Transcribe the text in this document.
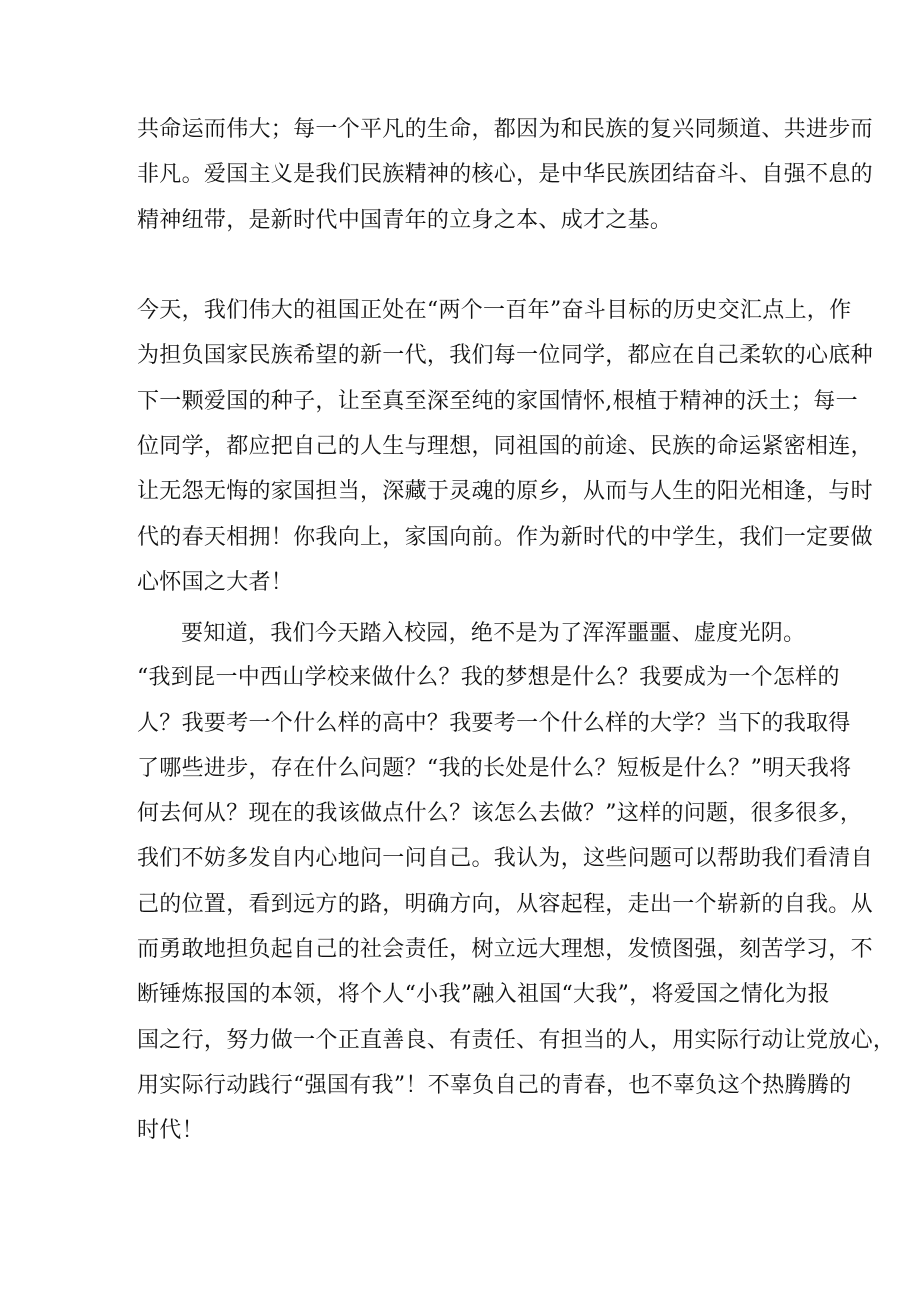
共命运而伟大；每一个平凡的生命，都因为和民族的复兴同频道、共进步而
非凡。爱国主义是我们民族精神的核心，是中华民族团结奋斗、自强不息的
精神纽带，是新时代中国青年的立身之本、成才之基。
今天，我们伟大的祖国正处在“两个一百年”奋斗目标的历史交汇点上，作
为担负国家民族希望的新一代，我们每一位同学，都应在自己柔软的心底种
下一颗爱国的种子，让至真至深至纯的家国情怀,根植于精神的沃土；每一
位同学，都应把自己的人生与理想，同祖国的前途、民族的命运紧密相连，
让无怨无悔的家国担当，深藏于灵魂的原乡，从而与人生的阳光相逢，与时
代的春天相拥！你我向上，家国向前。作为新时代的中学生，我们一定要做
心怀国之大者！
要知道，我们今天踏入校园，绝不是为了浑浑噩噩、虚度光阴。
“我到昆一中西山学校来做什么？我的梦想是什么？我要成为一个怎样的
人？我要考一个什么样的高中？我要考一个什么样的大学？当下的我取得
了哪些进步，存在什么问题？“我的长处是什么？短板是什么？”明天我将
何去何从？现在的我该做点什么？该怎么去做？”这样的问题，很多很多，
我们不妨多发自内心地问一问自己。我认为，这些问题可以帮助我们看清自
己的位置，看到远方的路，明确方向，从容起程，走出一个崭新的自我。从
而勇敢地担负起自己的社会责任，树立远大理想，发愤图强，刻苦学习，不
断锤炼报国的本领，将个人“小我”融入祖国“大我”，将爱国之情化为报
国之行，努力做一个正直善良、有责任、有担当的人，用实际行动让党放心，
用实际行动践行“强国有我”！不辜负自己的青春，也不辜负这个热腾腾的
时代！
